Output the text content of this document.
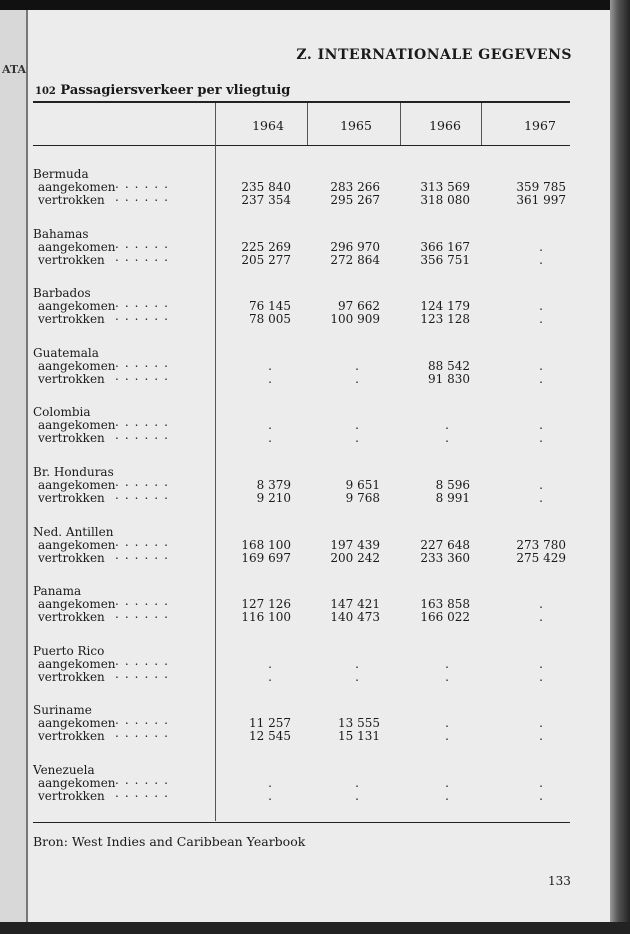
ATA
Z. INTERNATIONALE GEGEVENS
102 Passagiersverkeer per vliegtuig
1964	1965	1966	1967
Bermuda
aangekomen ......	235 840	283 266	313 569	359 785
vertrokken ......	237 354	295 267	318 080	361 997
Bahamas
aangekomen ......	225 269	296 970	366 167	.
vertrokken ......	205 277	272 864	356 751	.
Barbados
aangekomen ......	76 145	97 662	124 179	.
vertrokken ......	78 005	100 909	123 128	.
Guatemala
aangekomen ......	.	.	88 542	.
vertrokken ......	.	.	91 830	.
Colombia
aangekomen ......	.	.	.	.
vertrokken ......	.	.	.	.
Br. Honduras
aangekomen ......	8 379	9 651	8 596	.
vertrokken ......	9 210	9 768	8 991	.
Ned. Antillen
aangekomen ......	168 100	197 439	227 648	273 780
vertrokken ......	169 697	200 242	233 360	275 429
Panama
aangekomen ......	127 126	147 421	163 858	.
vertrokken ......	116 100	140 473	166 022	.
Puerto Rico
aangekomen ......	.	.	.	.
vertrokken ......	.	.	.	.
Suriname
aangekomen ......	11 257	13 555	.	.
vertrokken ......	12 545	15 131	.	.
Venezuela
aangekomen ......	.	.	.	.
vertrokken ......	.	.	.	.
Bron: West Indies and Caribbean Yearbook
133
